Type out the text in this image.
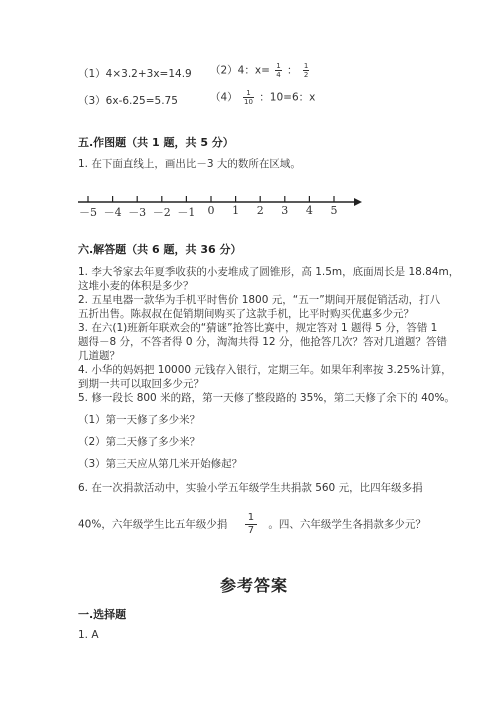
（1）4×3.2+3x=14.9 （2）4：$x= \frac{1}{4}$ ： $\frac{1}{2}$
（3）6x-6.25=5.75	$(4) \frac{1}{10}$ ：10=6：x
五.作图题（共 1 题，共 5 分）
1. 在下面直线上，画出比－3 大的数所在区域。
－5 －4 －3 －2 －1 0 1 2 3 4 5
六.解答题（共 6 题，共 36 分）
1. 李大爷家去年夏季收获的小麦堆成了圆锥形，高 1.5m，底面周长是 18.84m，
这堆小麦的体积是多少？
2. 五星电器一款华为手机平时售价 1800 元，“五一”期间开展促销活动，打八
五折出售。陈叔叔在促销期间购买了这款手机，比平时购买优惠多少元？
3. 在六(1)班新年联欢会的“猜谜”抢答比赛中，规定答对 1 题得 5 分，答错 1
题得－8 分，不答者得 0 分，淘淘共得 12 分，他抢答几次？答对几道题？答错
几道题？
4. 小华的妈妈把 10000 元钱存入银行，定期三年。如果年利率按 3.25%计算，
到期一共可以取回多少元？
5. 修一段长 800 米的路，第一天修了整段路的 35%，第二天修了余下的 40%。
（1）第一天修了多少米？
（2）第二天修了多少米？
（3）第三天应从第几米开始修起？
6. 在一次捐款活动中，实验小学五年级学生共捐款 560 元，比四年级多捐
40%，六年级学生比五年级少捐 $\frac{1}{7}$ 。四、六年级学生各捐款多少元？
参考答案
一.选择题
1. A
